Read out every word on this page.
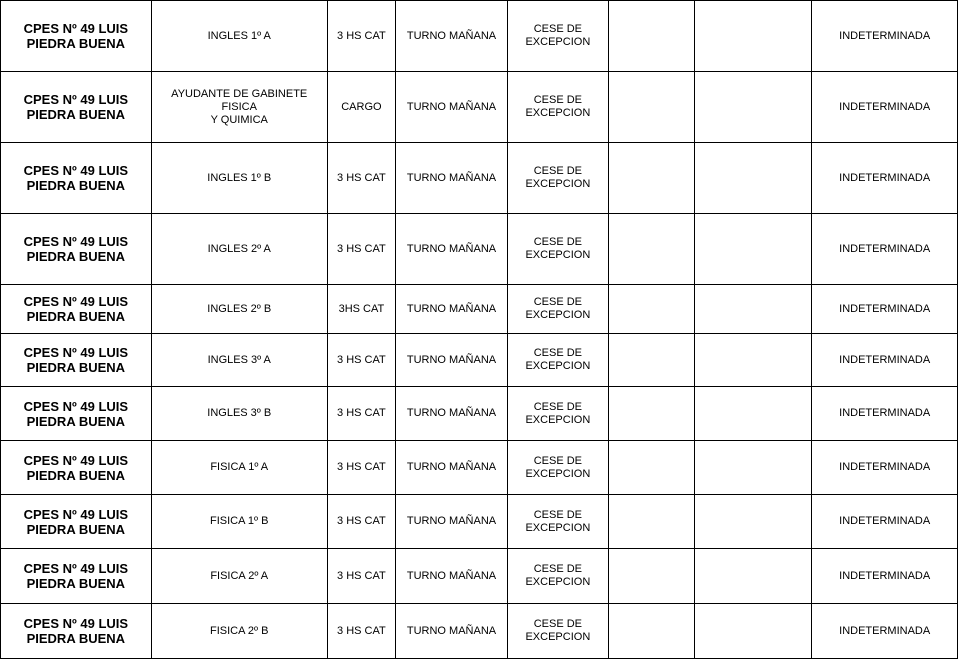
CPES Nº 49 LUIS
PIEDRA BUENA	INGLES 1º A	3 HS CAT	TURNO MAÑANA	CESE DE
EXCEPCION			INDETERMINADA
CPES Nº 49 LUIS
PIEDRA BUENA	AYUDANTE DE GABINETE FISICA
Y QUIMICA	CARGO	TURNO MAÑANA	CESE DE
EXCEPCION			INDETERMINADA
CPES Nº 49 LUIS
PIEDRA BUENA	INGLES 1º B	3 HS CAT	TURNO MAÑANA	CESE DE
EXCEPCION			INDETERMINADA
CPES Nº 49 LUIS
PIEDRA BUENA	INGLES 2º A	3 HS CAT	TURNO MAÑANA	CESE DE
EXCEPCION			INDETERMINADA
CPES Nº 49 LUIS
PIEDRA BUENA	INGLES 2º B	3HS CAT	TURNO MAÑANA	CESE DE
EXCEPCION			INDETERMINADA
CPES Nº 49 LUIS
PIEDRA BUENA	INGLES 3º A	3 HS CAT	TURNO MAÑANA	CESE DE
EXCEPCION			INDETERMINADA
CPES Nº 49 LUIS
PIEDRA BUENA	INGLES 3º B	3 HS CAT	TURNO MAÑANA	CESE DE
EXCEPCION			INDETERMINADA
CPES Nº 49 LUIS
PIEDRA BUENA	FISICA 1º A	3 HS CAT	TURNO MAÑANA	CESE DE
EXCEPCION			INDETERMINADA
CPES Nº 49 LUIS
PIEDRA BUENA	FISICA 1º B	3 HS CAT	TURNO MAÑANA	CESE DE
EXCEPCION			INDETERMINADA
CPES Nº 49 LUIS
PIEDRA BUENA	FISICA 2º A	3 HS CAT	TURNO MAÑANA	CESE DE
EXCEPCION			INDETERMINADA
CPES Nº 49 LUIS
PIEDRA BUENA	FISICA 2º B	3 HS CAT	TURNO MAÑANA	CESE DE
EXCEPCION			INDETERMINADA
